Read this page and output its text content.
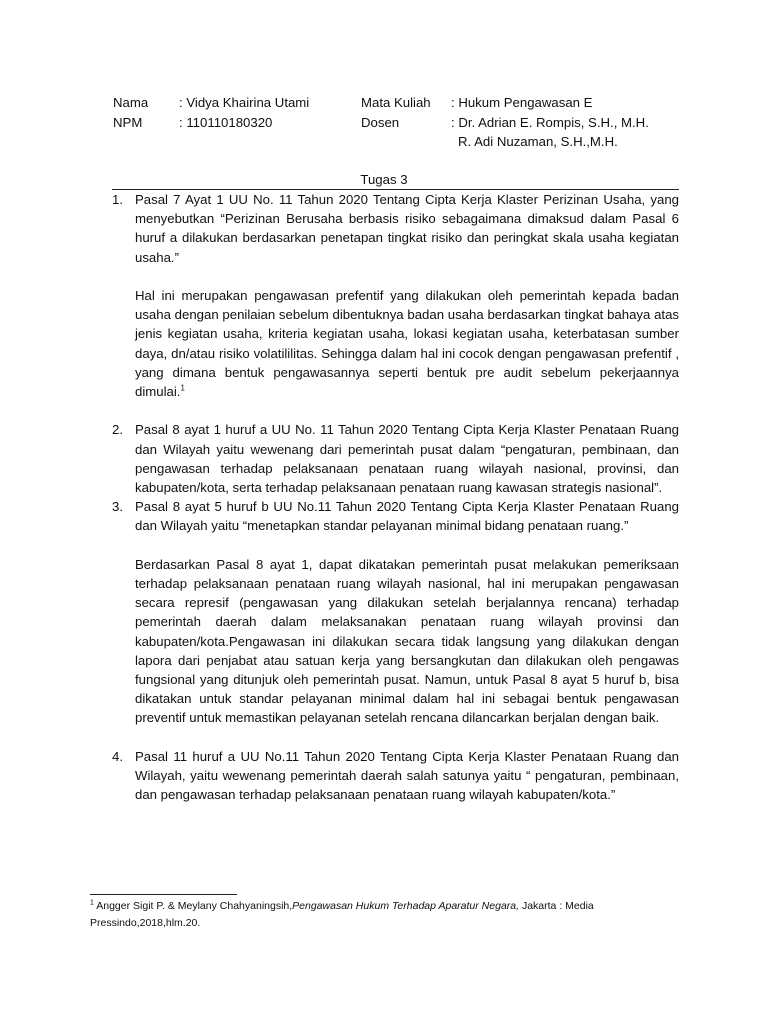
Nama : Vidya Khairina Utami	Mata Kuliah : Hukum Pengawasan E
NPM	: 110110180320	Dosen	: Dr. Adrian E. Rompis, S.H., M.H.
R. Adi Nuzaman, S.H.,M.H.
Tugas 3
1. Pasal 7 Ayat 1 UU No. 11 Tahun 2020 Tentang Cipta Kerja Klaster Perizinan Usaha, yang menyebutkan “Perizinan Berusaha berbasis risiko sebagaimana dimaksud dalam Pasal 6 huruf a dilakukan berdasarkan penetapan tingkat risiko dan peringkat skala usaha kegiatan usaha.”

Hal ini merupakan pengawasan prefentif yang dilakukan oleh pemerintah kepada badan usaha dengan penilaian sebelum dibentuknya badan usaha berdasarkan tingkat bahaya atas jenis kegiatan usaha, kriteria kegiatan usaha, lokasi kegiatan usaha, keterbatasan sumber daya, dn/atau risiko volatililitas. Sehingga dalam hal ini cocok dengan pengawasan prefentif , yang dimana bentuk pengawasannya seperti bentuk pre audit sebelum pekerjaannya dimulai.$^1$

2. Pasal 8 ayat 1 huruf a UU No. 11 Tahun 2020 Tentang Cipta Kerja Klaster Penataan Ruang dan Wilayah yaitu wewenang dari pemerintah pusat dalam “pengaturan, pembinaan, dan pengawasan terhadap pelaksanaan penataan ruang wilayah nasional, provinsi, dan kabupaten/kota, serta terhadap pelaksanaan penataan ruang kawasan strategis nasional”.

3. Pasal 8 ayat 5 huruf b UU No.11 Tahun 2020 Tentang Cipta Kerja Klaster Penataan Ruang dan Wilayah yaitu “menetapkan standar pelayanan minimal bidang penataan ruang.”

Berdasarkan Pasal 8 ayat 1, dapat dikatakan pemerintah pusat melakukan pemeriksaan terhadap pelaksanaan penataan ruang wilayah nasional, hal ini merupakan pengawasan secara represif (pengawasan yang dilakukan setelah berjalannya rencana) terhadap pemerintah daerah dalam melaksanakan penataan ruang wilayah provinsi dan kabupaten/kota.Pengawasan ini dilakukan secara tidak langsung yang dilakukan dengan lapora dari penjabat atau satuan kerja yang bersangkutan dan dilakukan oleh pengawas fungsional yang ditunjuk oleh pemerintah pusat. Namun, untuk Pasal 8 ayat 5 huruf b, bisa dikatakan untuk standar pelayanan minimal dalam hal ini sebagai bentuk pengawasan preventif untuk memastikan pelayanan setelah rencana dilancarkan berjalan dengan baik.

4. Pasal 11 huruf a UU No.11 Tahun 2020 Tentang Cipta Kerja Klaster Penataan Ruang dan Wilayah, yaitu wewenang pemerintah daerah salah satunya yaitu “ pengaturan, pembinaan, dan pengawasan terhadap pelaksanaan penataan ruang wilayah kabupaten/kota.”

$^1$ Angger Sigit P. & Meylany Chahyaningsih,Pengawasan Hukum Terhadap Aparatur Negara, Jakarta : Media Pressindo,2018,hlm.20.
